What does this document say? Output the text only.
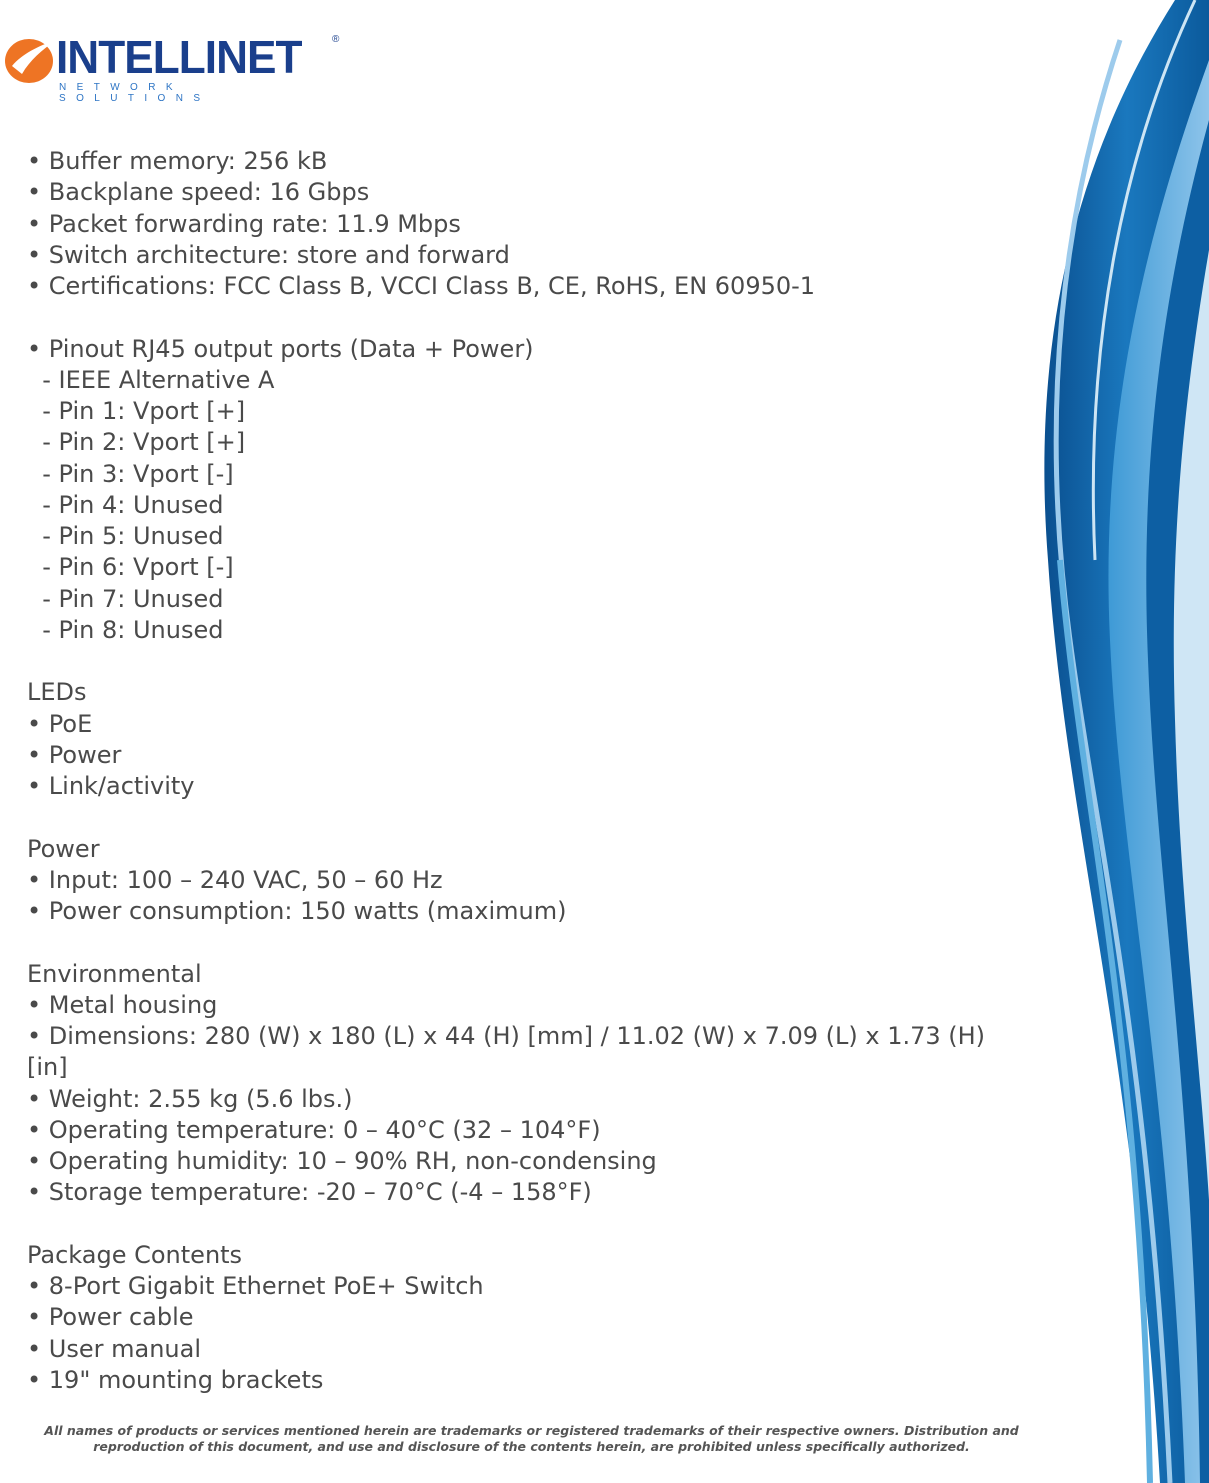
INTELLINET	®
NETWORK SOLUTIONS
• Buffer memory: 256 kB
• Backplane speed: 16 Gbps
• Packet forwarding rate: 11.9 Mbps
• Switch architecture: store and forward
• Certifications: FCC Class B, VCCI Class B, CE, RoHS, EN 60950-1
• Pinout RJ45 output ports (Data + Power)
- IEEE Alternative A
- Pin 1: Vport [+]
- Pin 2: Vport [+]
- Pin 3: Vport [-]
- Pin 4: Unused
- Pin 5: Unused
- Pin 6: Vport [-]
- Pin 7: Unused
- Pin 8: Unused
LEDs
• PoE
• Power
• Link/activity
Power
• Input: 100 – 240 VAC, 50 – 60 Hz
• Power consumption: 150 watts (maximum)
Environmental
• Metal housing
• Dimensions: 280 (W) x 180 (L) x 44 (H) [mm] / 11.02 (W) x 7.09 (L) x 1.73 (H)
[in]
• Weight: 2.55 kg (5.6 lbs.)
• Operating temperature: 0 – 40°C (32 – 104°F)
• Operating humidity: 10 – 90% RH, non-condensing
• Storage temperature: -20 – 70°C (-4 – 158°F)
Package Contents
• 8-Port Gigabit Ethernet PoE+ Switch
• Power cable
• User manual
• 19" mounting brackets
All names of products or services mentioned herein are trademarks or registered trademarks of their respective owners. Distribution and
reproduction of this document, and use and disclosure of the contents herein, are prohibited unless specifically authorized.
